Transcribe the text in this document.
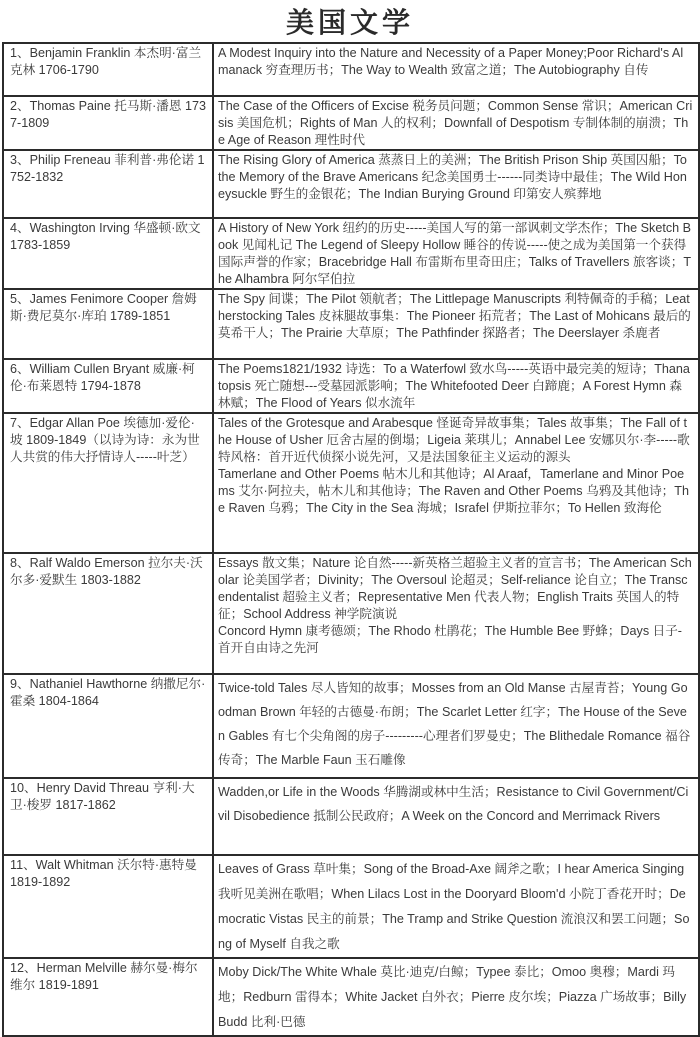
美国文学
1、Benjamin Franklin 本杰明·富兰克林 1706-1790	A Modest Inquiry into the Nature and Necessity of a Paper Money;Poor Richard's Almanack 穷查理历书；The Way to Wealth 致富之道；The Autobiography 自传

2、Thomas Paine 托马斯·潘恩 1737-1809	The Case of the Officers of Excise 税务员问题；Common Sense 常识；American Crisis 美国危机；Rights of Man 人的权利；Downfall of Despotism 专制体制的崩溃；The Age of Reason 理性时代

3、Philip Freneau 菲利普·弗伦诺 1752-1832	The Rising Glory of America 蒸蒸日上的美洲；The British Prison Ship 英国囚船；To the Memory of the Brave Americans 纪念美国勇士------同类诗中最佳；The Wild Honeysuckle 野生的金银花；The Indian Burying Ground 印第安人殡葬地

4、Washington Irving 华盛顿·欧文 1783-1859	A History of New York 纽约的历史-----美国人写的第一部讽刺文学杰作；The Sketch Book 见闻札记 The Legend of Sleepy Hollow 睡谷的传说-----使之成为美国第一个获得国际声誉的作家；Bracebridge Hall 布雷斯布里奇田庄；Talks of Travellers 旅客谈；The Alhambra 阿尔罕伯拉

5、James Fenimore Cooper 詹姆斯·费尼莫尔·库珀 1789-1851	The Spy 间谍；The Pilot 领航者；The Littlepage Manuscripts 利特佩奇的手稿；Leatherstocking Tales 皮袜腿故事集：The Pioneer 拓荒者；The Last of Mohicans 最后的莫希干人；The Prairie 大草原；The Pathfinder 探路者；The Deerslayer 杀鹿者

6、William Cullen Bryant 威廉·柯伦·布莱恩特 1794-1878	The Poems1821/1932 诗选：To a Waterfowl 致水鸟-----英语中最完美的短诗；Thanatopsis 死亡随想---受墓园派影响；The Whitefooted Deer 白蹄鹿；A Forest Hymn 森林赋；The Flood of Years 似水流年

7、Edgar Allan Poe 埃德加·爱伦·坡 1809-1849（以诗为诗：永为世人共赏的伟大抒情诗人-----叶芝）	Tales of the Grotesque and Arabesque 怪诞奇异故事集；Tales 故事集；The Fall of the House of Usher 厄舍古屋的倒塌；Ligeia 莱琪儿；Annabel Lee 安娜贝尔·李-----歌特风格：首开近代侦探小说先河，又是法国象征主义运动的源头
Tamerlane and Other Poems 帖木儿和其他诗；Al Araaf，Tamerlane and Minor Poems 艾尔·阿拉夫，帖木儿和其他诗；The Raven and Other Poems 乌鸦及其他诗；The Raven 乌鸦；The City in the Sea 海城；Israfel 伊斯拉菲尔；To Hellen 致海伦

8、Ralf Waldo Emerson 拉尔夫·沃尔多·爱默生 1803-1882	Essays 散文集；Nature 论自然-----新英格兰超验主义者的宣言书；The American Scholar 论美国学者；Divinity；The Oversoul 论超灵；Self-reliance 论自立；The Transcendentalist 超验主义者；Representative Men 代表人物；English Traits 英国人的特征；School Address 神学院演说
Concord Hymn 康考德颂；The Rhodo 杜鹃花；The Humble Bee 野蜂；Days 日子-首开自由诗之先河

9、Nathaniel Hawthorne 纳撒尼尔·霍桑 1804-1864	Twice-told Tales 尽人皆知的故事；Mosses from an Old Manse 古屋青苔；Young Goodman Brown 年轻的古德曼·布朗；The Scarlet Letter 红字；The House of the Seven Gables 有七个尖角阁的房子---------心理者们罗曼史；The Blithedale Romance 福谷传奇；The Marble Faun 玉石雕像

10、Henry David Threau 亨利·大卫·梭罗 1817-1862	Wadden,or Life in the Woods 华腾湖或林中生活；Resistance to Civil Government/Civil Disobedience 抵制公民政府；A Week on the Concord and Merrimack Rivers

11、Walt Whitman 沃尔特·惠特曼 1819-1892	Leaves of Grass 草叶集；Song of the Broad-Axe 阔斧之歌；I hear America Singing 我听见美洲在歌唱；When Lilacs Lost in the Dooryard Bloom'd 小院丁香花开时；Democratic Vistas 民主的前景；The Tramp and Strike Question 流浪汉和罢工问题；Song of Myself 自我之歌

12、Herman Melville 赫尔曼·梅尔维尔 1819-1891	Moby Dick/The White Whale 莫比·迪克/白鲸；Typee 泰比；Omoo 奥穆；Mardi 玛地；Redburn 雷得本；White Jacket 白外衣；Pierre 皮尔埃；Piazza 广场故事；Billy Budd 比利·巴德
